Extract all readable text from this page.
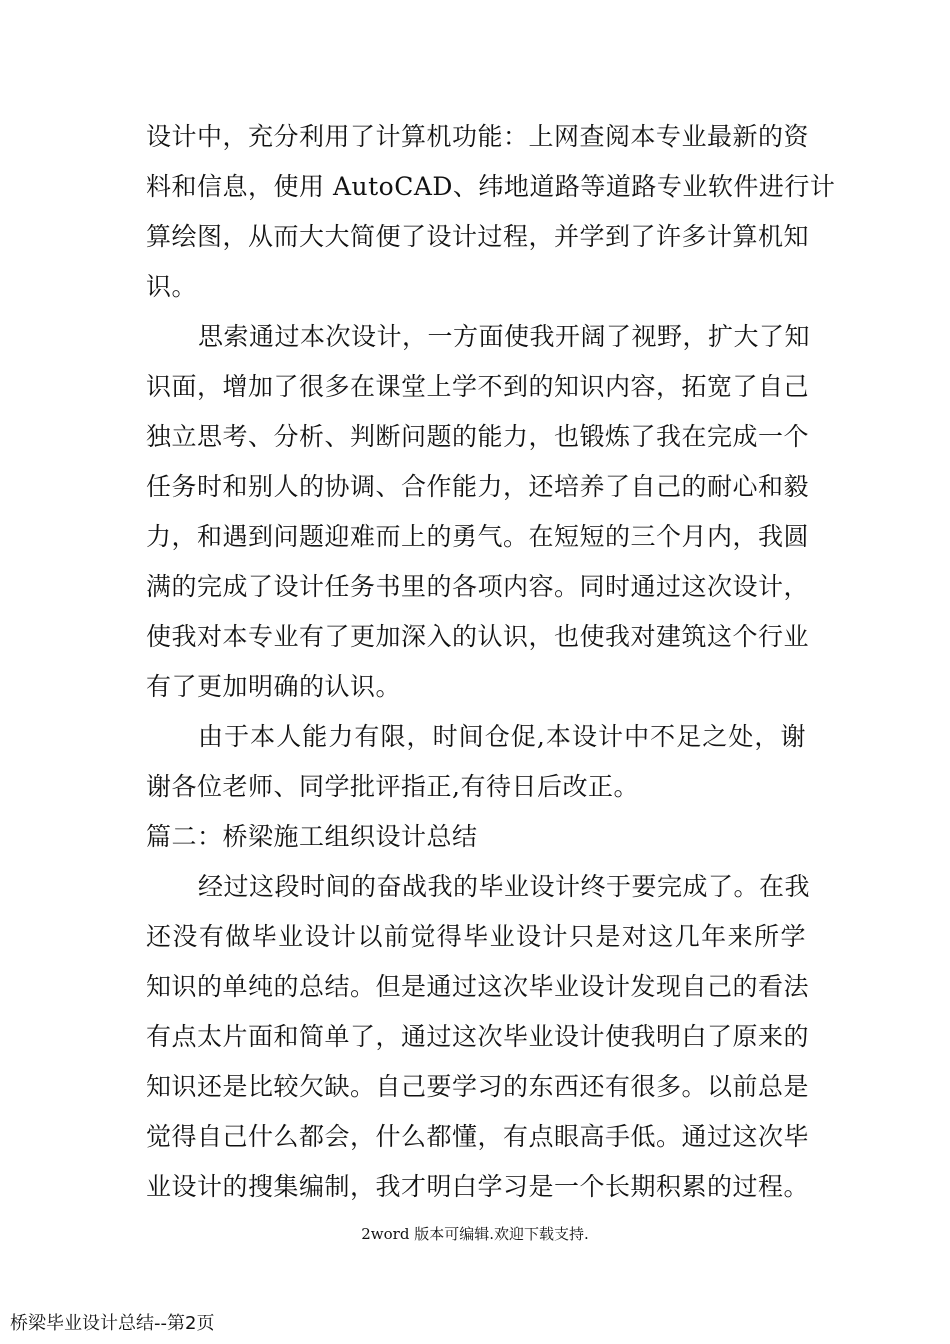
设计中，充分利用了计算机功能：上网查阅本专业最新的资
料和信息，使用 AutoCAD、纬地道路等道路专业软件进行计
算绘图，从而大大简便了设计过程，并学到了许多计算机知
识。
思索通过本次设计，一方面使我开阔了视野，扩大了知
识面，增加了很多在课堂上学不到的知识内容，拓宽了自己
独立思考、分析、判断问题的能力，也锻炼了我在完成一个
任务时和别人的协调、合作能力，还培养了自己的耐心和毅
力，和遇到问题迎难而上的勇气。在短短的三个月内，我圆
满的完成了设计任务书里的各项内容。同时通过这次设计，
使我对本专业有了更加深入的认识，也使我对建筑这个行业
有了更加明确的认识。
由于本人能力有限，时间仓促,本设计中不足之处，谢
谢各位老师、同学批评指正,有待日后改正。
篇二：桥梁施工组织设计总结
经过这段时间的奋战我的毕业设计终于要完成了。在我
还没有做毕业设计以前觉得毕业设计只是对这几年来所学
知识的单纯的总结。但是通过这次毕业设计发现自己的看法
有点太片面和简单了，通过这次毕业设计使我明白了原来的
知识还是比较欠缺。自己要学习的东西还有很多。以前总是
觉得自己什么都会，什么都懂，有点眼高手低。通过这次毕
业设计的搜集编制，我才明白学习是一个长期积累的过程。
2word 版本可编辑.欢迎下载支持.
桥梁毕业设计总结--第2页
